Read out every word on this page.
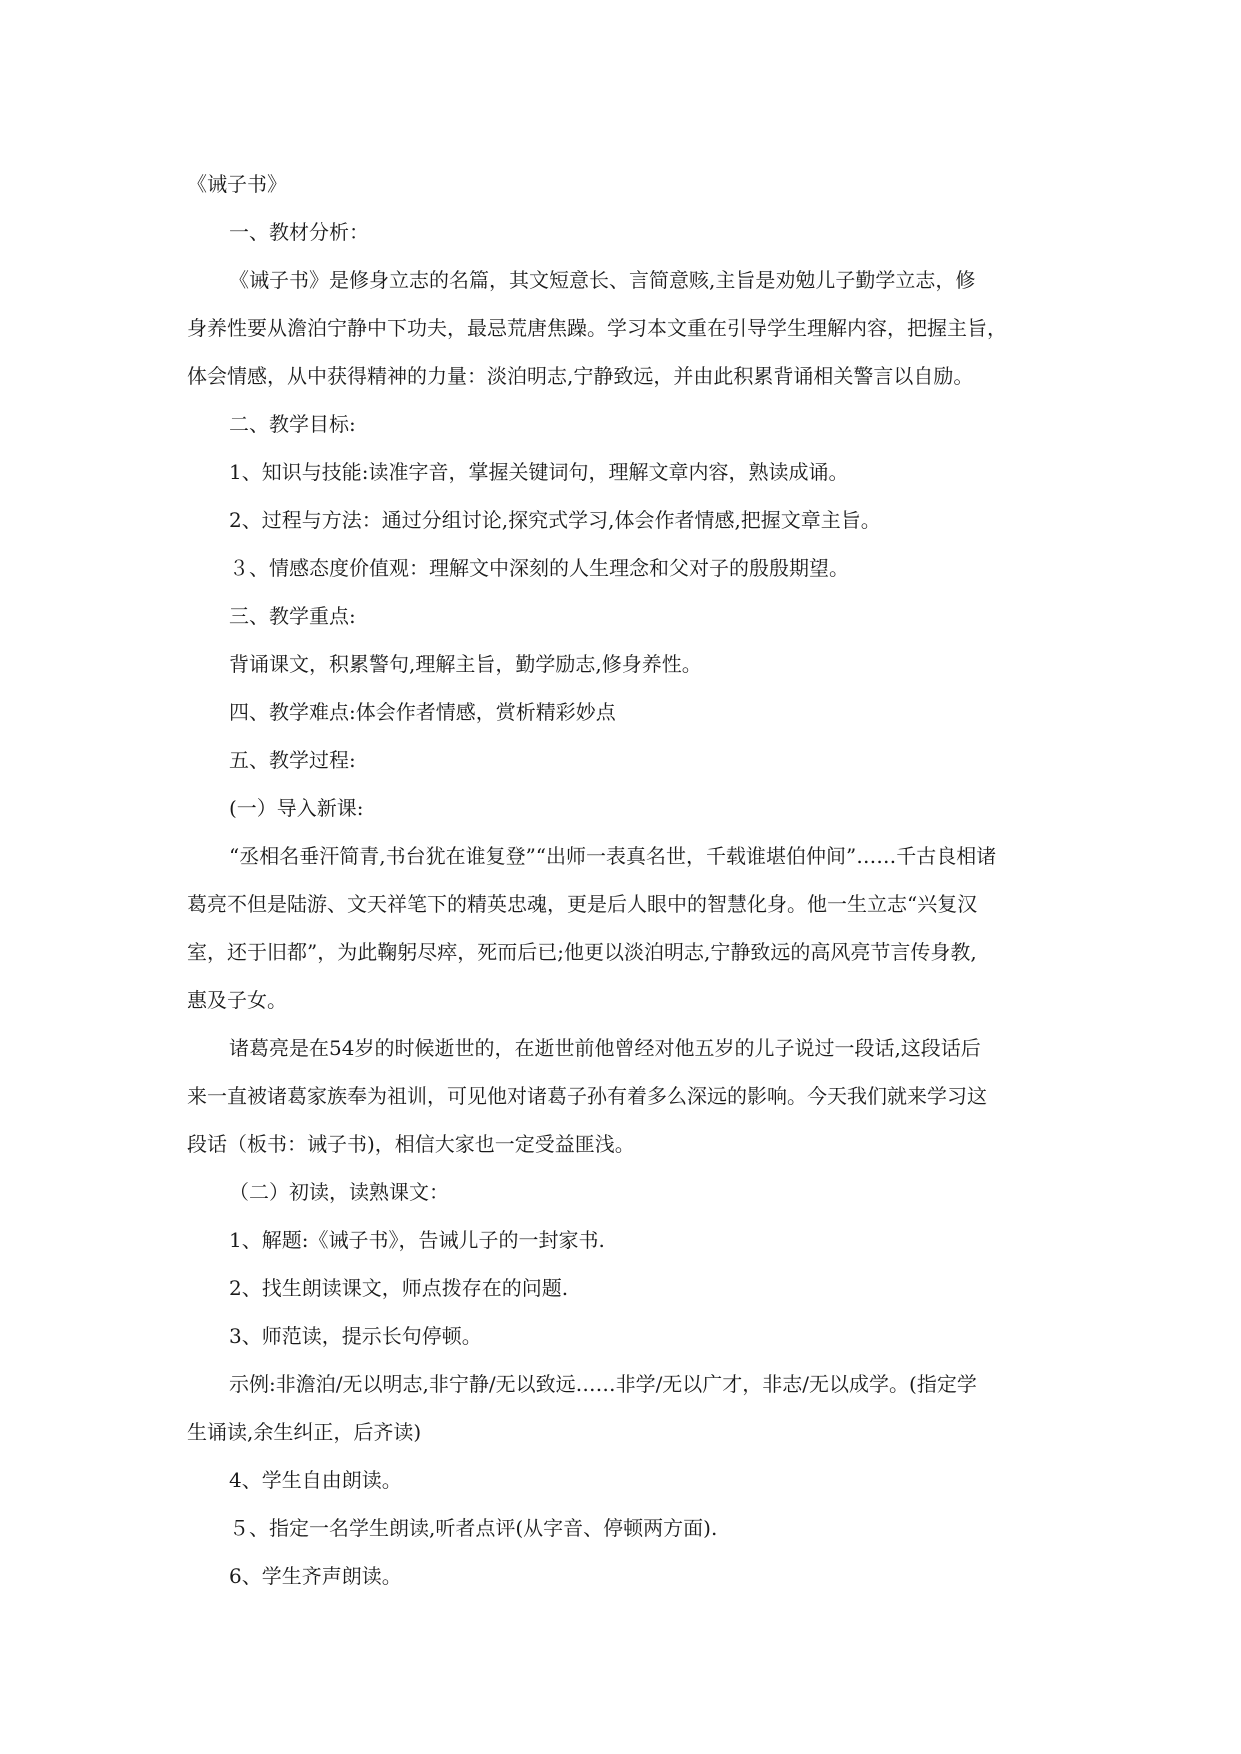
《诫子书》

一、教材分析：

《诫子书》是修身立志的名篇，其文短意长、言简意赅,主旨是劝勉儿子勤学立志，修

身养性要从澹泊宁静中下功夫，最忌荒唐焦躁。学习本文重在引导学生理解内容，把握主旨，

体会情感，从中获得精神的力量：淡泊明志,宁静致远，并由此积累背诵相关警言以自励。

二、教学目标:

1、知识与技能:读准字音，掌握关键词句，理解文章内容，熟读成诵。

2、过程与方法：通过分组讨论,探究式学习,体会作者情感,把握文章主旨。

３、情感态度价值观：理解文中深刻的人生理念和父对子的殷殷期望。

三、教学重点:

背诵课文，积累警句,理解主旨，勤学励志,修身养性。

四、教学难点:体会作者情感，赏析精彩妙点

五、教学过程:

(一）导入新课:

“丞相名垂汗简青,书台犹在谁复登”“出师一表真名世，千载谁堪伯仲间”……千古良相诸

葛亮不但是陆游、文天祥笔下的精英忠魂，更是后人眼中的智慧化身。他一生立志“兴复汉

室，还于旧都”，为此鞠躬尽瘁，死而后已;他更以淡泊明志,宁静致远的高风亮节言传身教,

惠及子女。

诸葛亮是在54岁的时候逝世的，在逝世前他曾经对他五岁的儿子说过一段话,这段话后

来一直被诸葛家族奉为祖训，可见他对诸葛子孙有着多么深远的影响。今天我们就来学习这

段话（板书：诫子书)，相信大家也一定受益匪浅。

（二）初读，读熟课文：

1、解题:《诫子书》，告诫儿子的一封家书.

2、找生朗读课文，师点拨存在的问题.

3、师范读，提示长句停顿。

示例:非澹泊/无以明志,非宁静/无以致远……非学/无以广才，非志/无以成学。(指定学

生诵读,余生纠正，后齐读)

4、学生自由朗读。

５、指定一名学生朗读,听者点评(从字音、停顿两方面).

6、学生齐声朗读。
